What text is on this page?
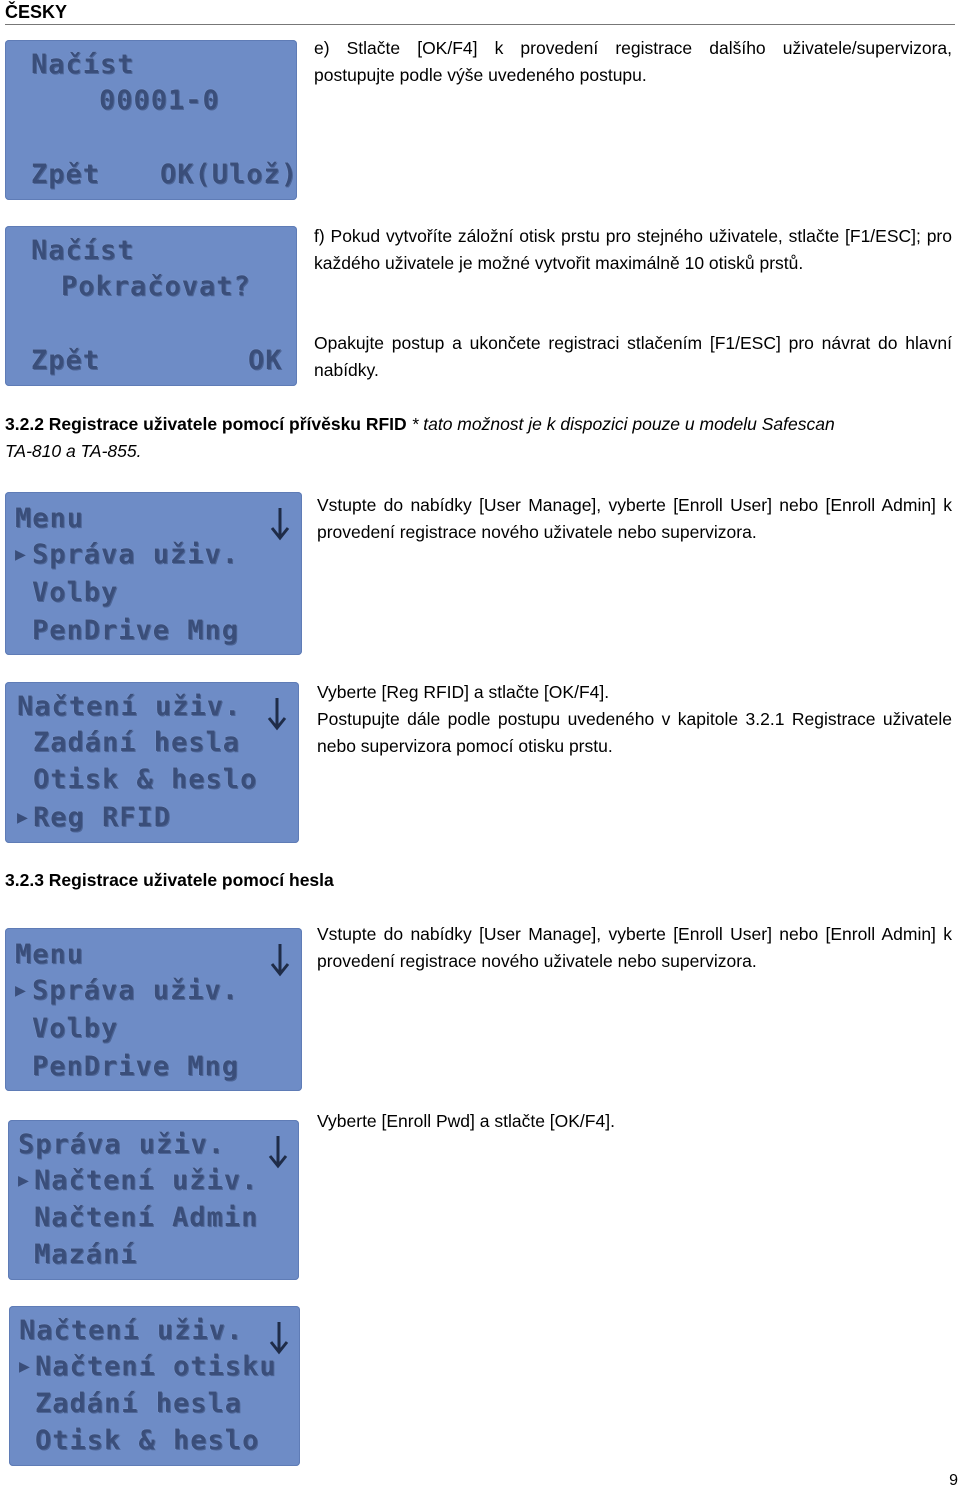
ČESKY
Načíst
00001-0
Zpět OK(Ulož)
e) Stlačte [OK/F4] k provedení registrace dalšího uživatele/supervizora, postupujte podle výše uvedeného postupu.
Načíst
Pokračovat?
Zpět	OK
f) Pokud vytvoříte záložní otisk prstu pro stejného uživatele, stlačte [F1/ESC]; pro každého uživatele je možné vytvořit maximálně 10 otisků prstů.
Opakujte postup a ukončete registraci stlačením [F1/ESC] pro návrat do hlavní nabídky.
3.2.2 Registrace uživatele pomocí přívěsku RFID * tato možnost je k dispozici pouze u modelu Safescan
TA-810 a TA-855.
Menu
▶ Správa uživ.
Volby
PenDrive Mng
Vstupte do nabídky [User Manage], vyberte [Enroll User] nebo [Enroll Admin] k provedení registrace nového uživatele nebo supervizora.
Načtení uživ.
Zadání hesla
Otisk & heslo
▶ Reg RFID
Vyberte [Reg RFID] a stlačte [OK/F4].
Postupujte dále podle postupu uvedeného v kapitole 3.2.1 Registrace uživatele nebo supervizora pomocí otisku prstu.
3.2.3 Registrace uživatele pomocí hesla
Menu
▶ Správa uživ.
Volby
PenDrive Mng
Vstupte do nabídky [User Manage], vyberte [Enroll User] nebo [Enroll Admin] k provedení registrace nového uživatele nebo supervizora.
Správa uživ.
▶ Načtení uživ.
Načtení Admin
Mazání
Vyberte [Enroll Pwd] a stlačte [OK/F4].
Načtení uživ.
▶ Načtení otisku
Zadání hesla
Otisk & heslo
9
